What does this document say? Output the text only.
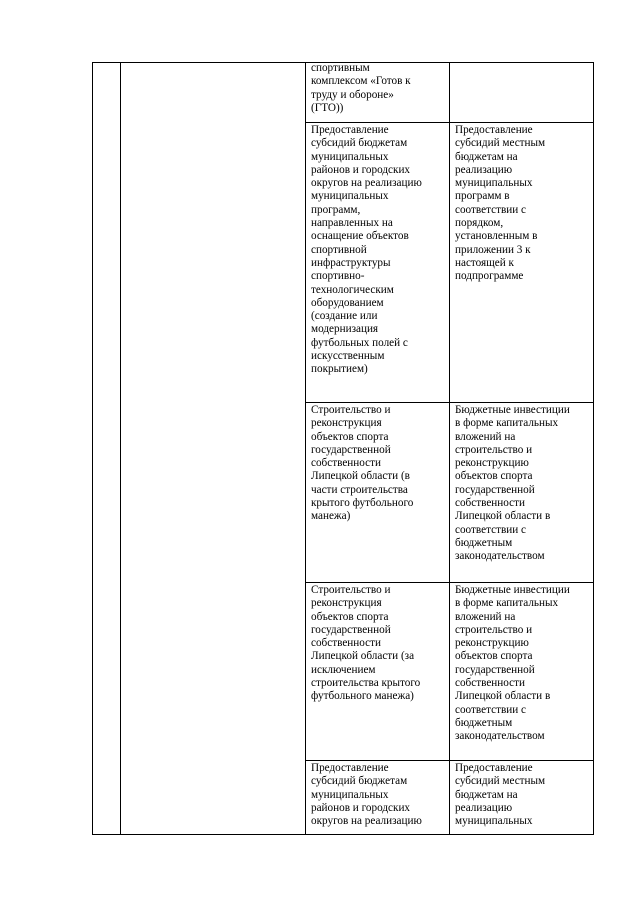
спортивным
комплексом «Готов к
труду и обороне»
(ГТО))
Предоставление
субсидий бюджетам
муниципальных
районов и городских
округов на реализацию
муниципальных
программ,
направленных на
оснащение объектов
спортивной
инфраструктуры
спортивно-
технологическим
оборудованием
(создание или
модернизация
футбольных полей с
искусственным
покрытием)
Предоставление
субсидий местным
бюджетам на
реализацию
муниципальных
программ в
соответствии с
порядком,
установленным в
приложении 3 к
настоящей к
подпрограмме
Строительство и
реконструкция
объектов спорта
государственной
собственности
Липецкой области (в
части строительства
крытого футбольного
манежа)
Бюджетные инвестиции
в форме капитальных
вложений на
строительство и
реконструкцию
объектов спорта
государственной
собственности
Липецкой области в
соответствии с
бюджетным
законодательством
Строительство и
реконструкция
объектов спорта
государственной
собственности
Липецкой области (за
исключением
строительства крытого
футбольного манежа)
Бюджетные инвестиции
в форме капитальных
вложений на
строительство и
реконструкцию
объектов спорта
государственной
собственности
Липецкой области в
соответствии с
бюджетным
законодательством
Предоставление
субсидий бюджетам
муниципальных
районов и городских
округов на реализацию
Предоставление
субсидий местным
бюджетам на
реализацию
муниципальных
